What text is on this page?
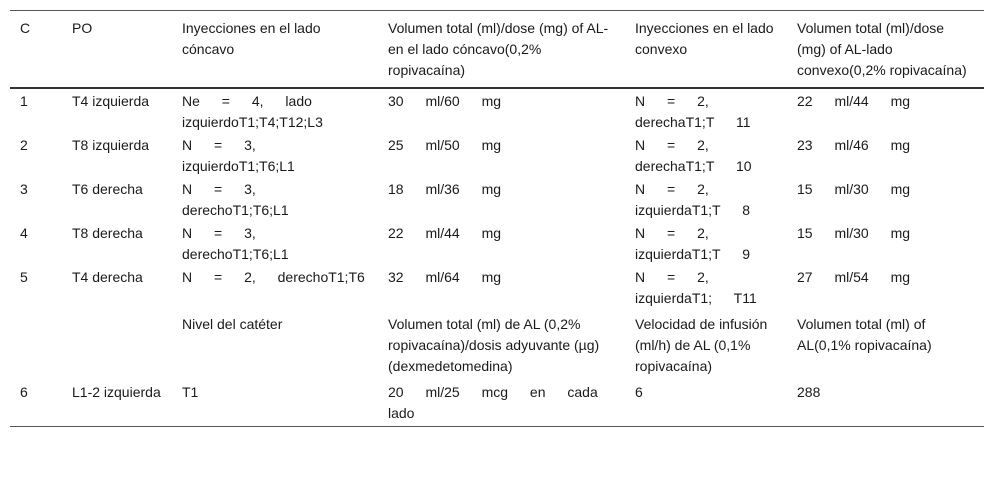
C	PO	Inyecciones en el lado cóncavo	Volumen total (ml)/dose (mg) of AL-en el lado cóncavo(0,2% ropivacaína)	Inyecciones en el lado convexo	Volumen total (ml)/dose (mg) of AL-lado convexo(0,2% ropivacaína)
1	T4 izquierda	Ne = 4, lado izquierdoT1;T4;T12;L3	30 ml/60 mg	N = 2, derechaT1;T 11	22 ml/44 mg
2	T8 izquierda	N = 3, izquierdoT1;T6;L1	25 ml/50 mg	N = 2, derechaT1;T 10	23 ml/46 mg
3	T6 derecha	N = 3, derechoT1;T6;L1	18 ml/36 mg	N = 2, izquierdaT1;T 8	15 ml/30 mg
4	T8 derecha	N = 3, derechoT1;T6;L1	22 ml/44 mg	N = 2, izquierdaT1;T 9	15 ml/30 mg
5	T4 derecha	N = 2, derechoT1;T6	32 ml/64 mg	N = 2, izquierdaT1; T11	27 ml/54 mg
		Nivel del catéter	Volumen total (ml) de AL (0,2% ropivacaína)/dosis adyuvante (µg) (dexmedetomedina)	Velocidad de infusión (ml/h) de AL (0,1% ropivacaína)	Volumen total (ml) of AL(0,1% ropivacaína)
6	L1-2 izquierda	T1	20 ml/25 mcg en cada lado	6	288
